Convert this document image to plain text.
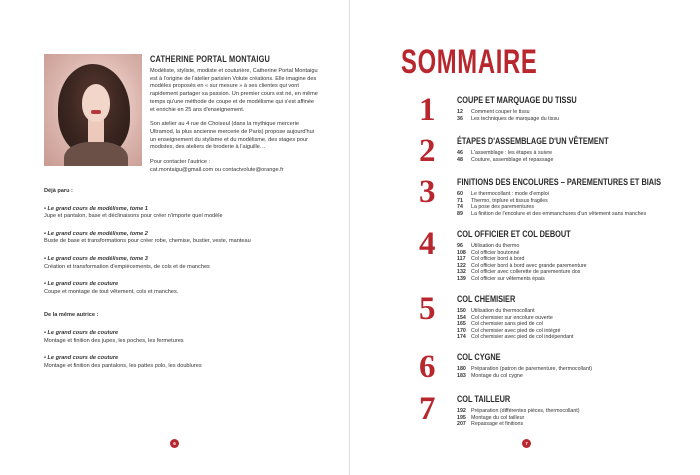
CATHERINE PORTAL MONTAIGU

Modéliste, styliste, modiste et couturière, Catherine Portal Montaigu est à l'origine de l'atelier parisien Volute créations. Elle imagine des modèles proposés en « sur mesure » à ses clientes qui vont rapidement partager sa passion. Un premier cours est né, en même temps qu'une méthode de coupe et de modélisme qui s'est affinée et enrichie en 25 ans d'enseignement.

Son atelier au 4 rue de Choiseul (dans la mythique mercerie Ultramod, la plus ancienne mercerie de Paris) propose aujourd'hui un enseignement du stylisme et du modélisme, des stages pour modistes, des ateliers de broderie à l'aiguille…

Pour contacter l'autrice :

cat.montaigu@gmail.com ou contactvolute@orange.fr

Déjà paru :
• Le grand cours de modélisme, tome 1
Jupe et pantalon, base et déclinaisons pour créer n'importe quel modèle
• Le grand cours de modélisme, tome 2
Buste de base et transformations pour créer robe, chemise, bustier, veste, manteau
• Le grand cours de modélisme, tome 3
Création et transformation d'empiècements, de cols et de manches
• Le grand cours de couture
Coupe et montage de tout vêtement, cols et manches.
De la même autrice :
• Le grand cours de couture
Montage et finition des jupes, les poches, les fermetures
• Le grand cours de couture
Montage et finition des pantalons, les pattes polo, les doublures
6
SOMMAIRE
1 COUPE ET MARQUAGE DU TISSU
12 Comment couper le tissu
36 Les techniques de marquage du tissu
2 ÉTAPES D'ASSEMBLAGE D'UN VÊTEMENT
46 L'assemblage : les étapes à suivre
48 Couture, assemblage et repassage
3 FINITIONS DES ENCOLURES – PAREMENTURES ET BIAIS
60 Le thermocollant : mode d'emploi
71 Thermo, triplure et tissus fragiles
74 La pose des parementures
89 La finition de l'encolure et des emmanchures d'un vêtement sans manches
4 COL OFFICIER ET COL DEBOUT
96 Utilisation du thermo
108 Col officier boutonné
117 Col officier bord à bord
122 Col officier bord à bord avec grande parementure
132 Col officier avec collerette de parementure dos
139 Col officier sur vêtements épais
5 COL CHEMISIER
150 Utilisation du thermocollant
154 Col chemisier sur encolure ouverte
165 Col chemisier sans pied de col
170 Col chemisier avec pied de col intégré
174 Col chemisier avec pied de col indépendant
6 COL CYGNE
180 Préparation (patron de parementure, thermocollant)
183 Montage du col cygne
7 COL TAILLEUR
192 Préparation (différentes pièces, thermocollant)
195 Montage du col tailleur
207 Repassage et finitions
7
